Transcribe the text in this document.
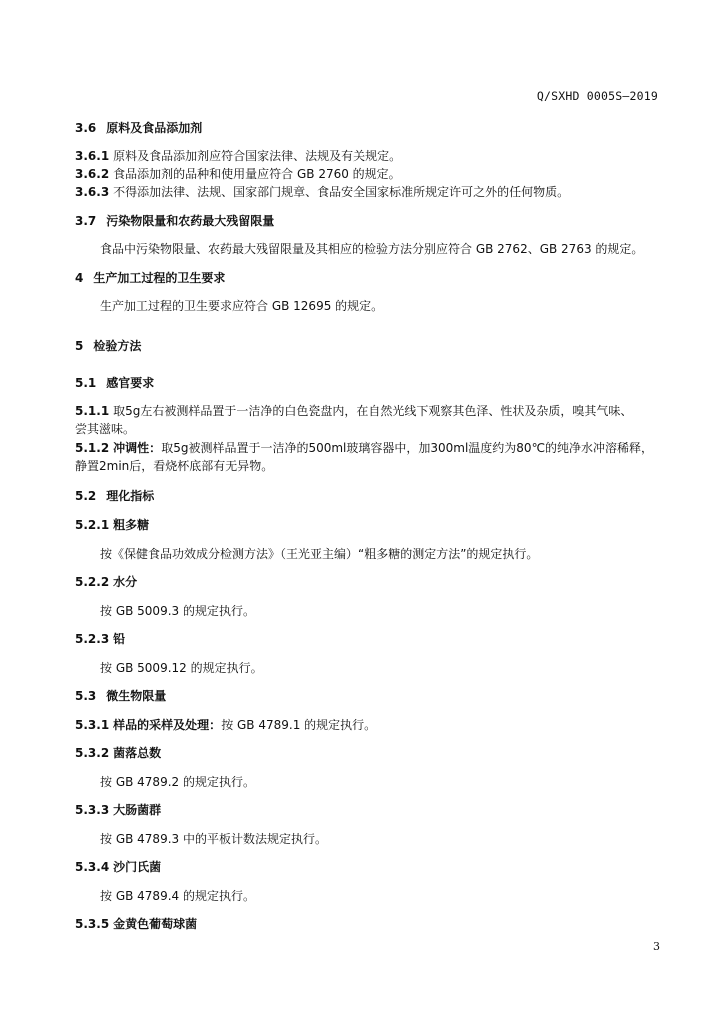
Q/SXHD 0005S—2019
3.6 原料及食品添加剂
3.6.1 原料及食品添加剂应符合国家法律、法规及有关规定。
3.6.2 食品添加剂的品种和使用量应符合 GB 2760 的规定。
3.6.3 不得添加法律、法规、国家部门规章、食品安全国家标准所规定许可之外的任何物质。
3.7 污染物限量和农药最大残留限量
食品中污染物限量、农药最大残留限量及其相应的检验方法分别应符合 GB 2762、GB 2763 的规定。
4 生产加工过程的卫生要求
生产加工过程的卫生要求应符合 GB 12695 的规定。
5 检验方法
5.1 感官要求
5.1.1 取5g左右被测样品置于一洁净的白色瓷盘内，在自然光线下观察其色泽、性状及杂质，嗅其气味、
尝其滋味。
5.1.2 冲调性：取5g被测样品置于一洁净的500ml玻璃容器中，加300ml温度约为80℃的纯净水冲溶稀释，
静置2min后，看烧杯底部有无异物。
5.2 理化指标
5.2.1 粗多糖
按《保健食品功效成分检测方法》（王光亚主编）“粗多糖的测定方法”的规定执行。
5.2.2 水分
按 GB 5009.3 的规定执行。
5.2.3 铅
按 GB 5009.12 的规定执行。
5.3 微生物限量
5.3.1 样品的采样及处理：按 GB 4789.1 的规定执行。
5.3.2 菌落总数
按 GB 4789.2 的规定执行。
5.3.3 大肠菌群
按 GB 4789.3 中的平板计数法规定执行。
5.3.4 沙门氏菌
按 GB 4789.4 的规定执行。
5.3.5 金黄色葡萄球菌
3
